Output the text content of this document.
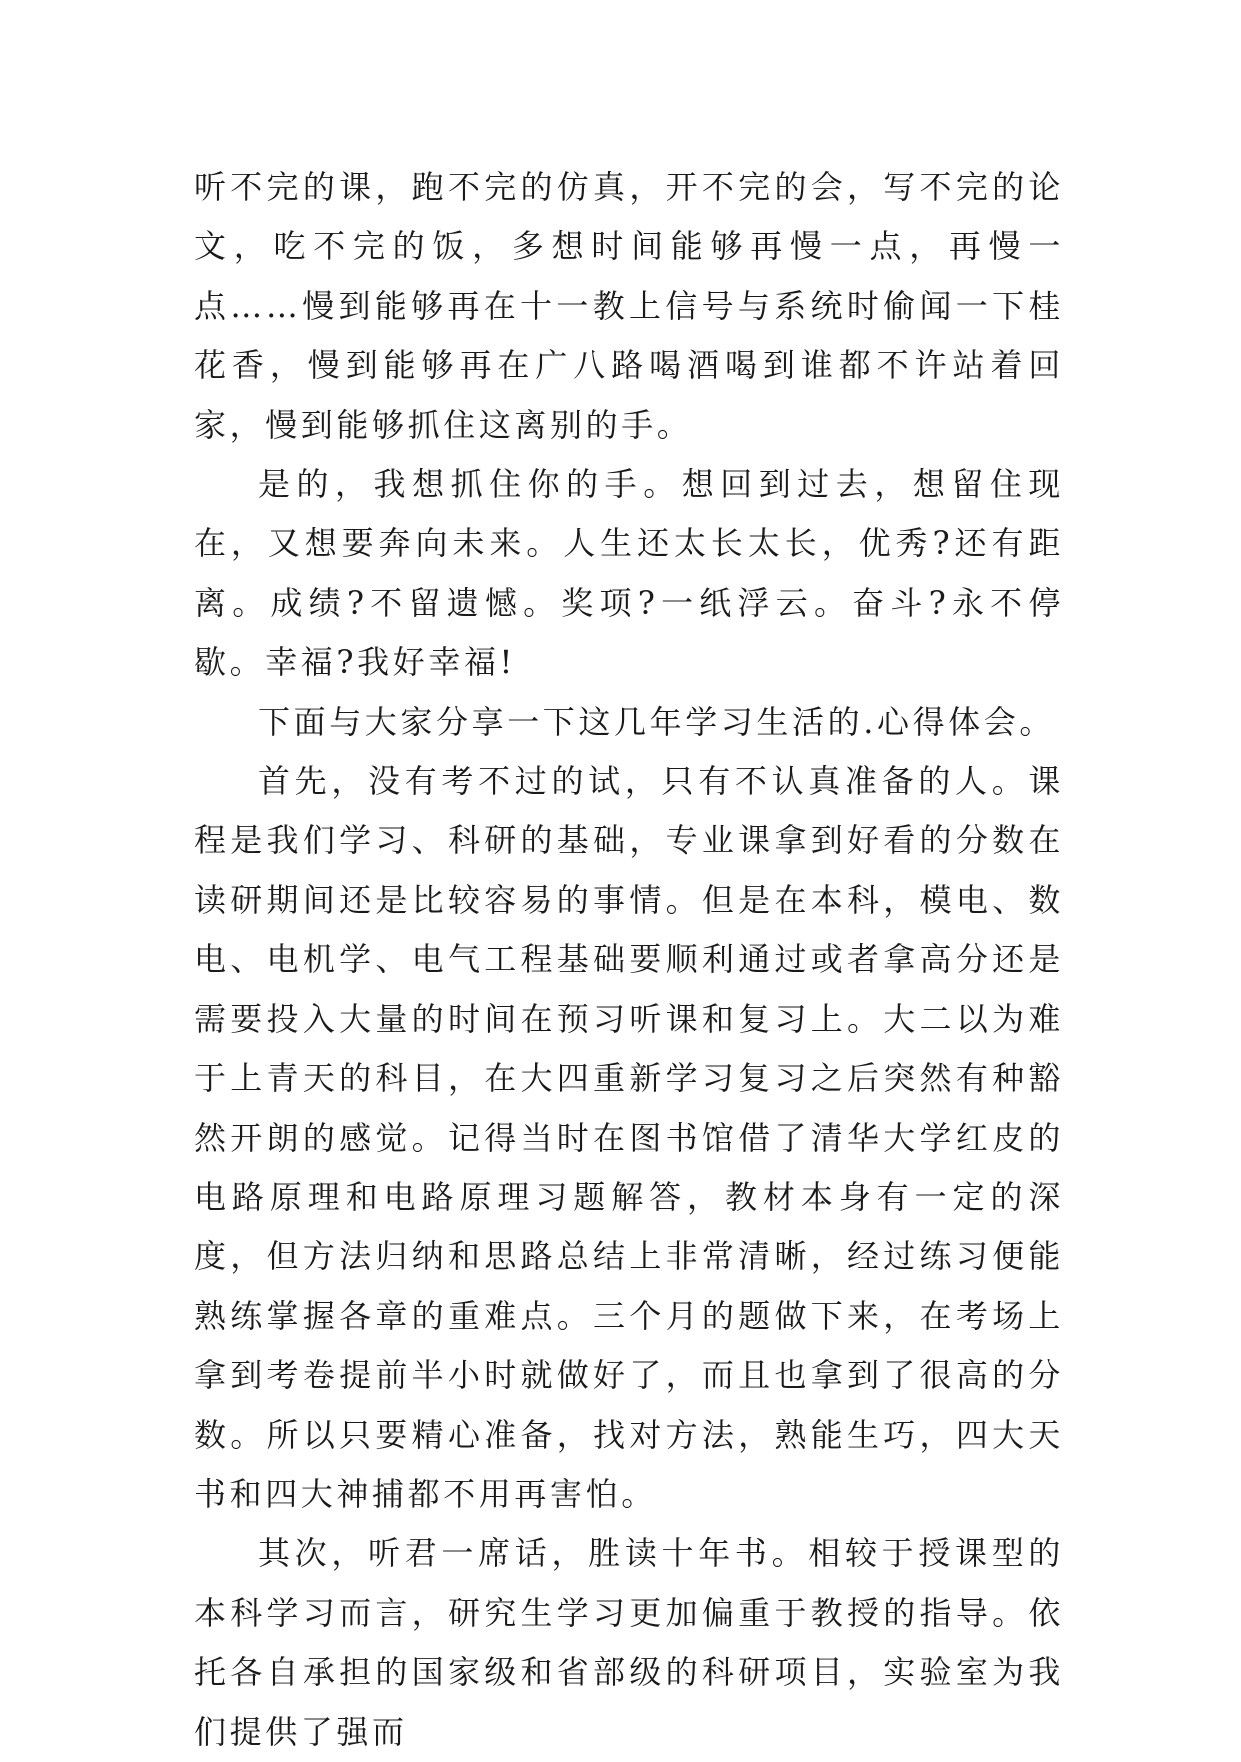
听不完的课，跑不完的仿真，开不完的会，写不完的论文，吃不完的饭，多想时间能够再慢一点，再慢一点……慢到能够再在十一教上信号与系统时偷闻一下桂花香，慢到能够再在广八路喝酒喝到谁都不许站着回家，慢到能够抓住这离别的手。

是的，我想抓住你的手。想回到过去，想留住现在，又想要奔向未来。人生还太长太长，优秀?还有距离。成绩?不留遗憾。奖项?一纸浮云。奋斗?永不停歇。幸福?我好幸福!

下面与大家分享一下这几年学习生活的.心得体会。

首先，没有考不过的试，只有不认真准备的人。课程是我们学习、科研的基础，专业课拿到好看的分数在读研期间还是比较容易的事情。但是在本科，模电、数电、电机学、电气工程基础要顺利通过或者拿高分还是需要投入大量的时间在预习听课和复习上。大二以为难于上青天的科目，在大四重新学习复习之后突然有种豁然开朗的感觉。记得当时在图书馆借了清华大学红皮的电路原理和电路原理习题解答，教材本身有一定的深度，但方法归纳和思路总结上非常清晰，经过练习便能熟练掌握各章的重难点。三个月的题做下来，在考场上拿到考卷提前半小时就做好了，而且也拿到了很高的分数。所以只要精心准备，找对方法，熟能生巧，四大天书和四大神捕都不用再害怕。

其次，听君一席话，胜读十年书。相较于授课型的本科学习而言，研究生学习更加偏重于教授的指导。依托各自承担的国家级和省部级的科研项目，实验室为我们提供了强而
